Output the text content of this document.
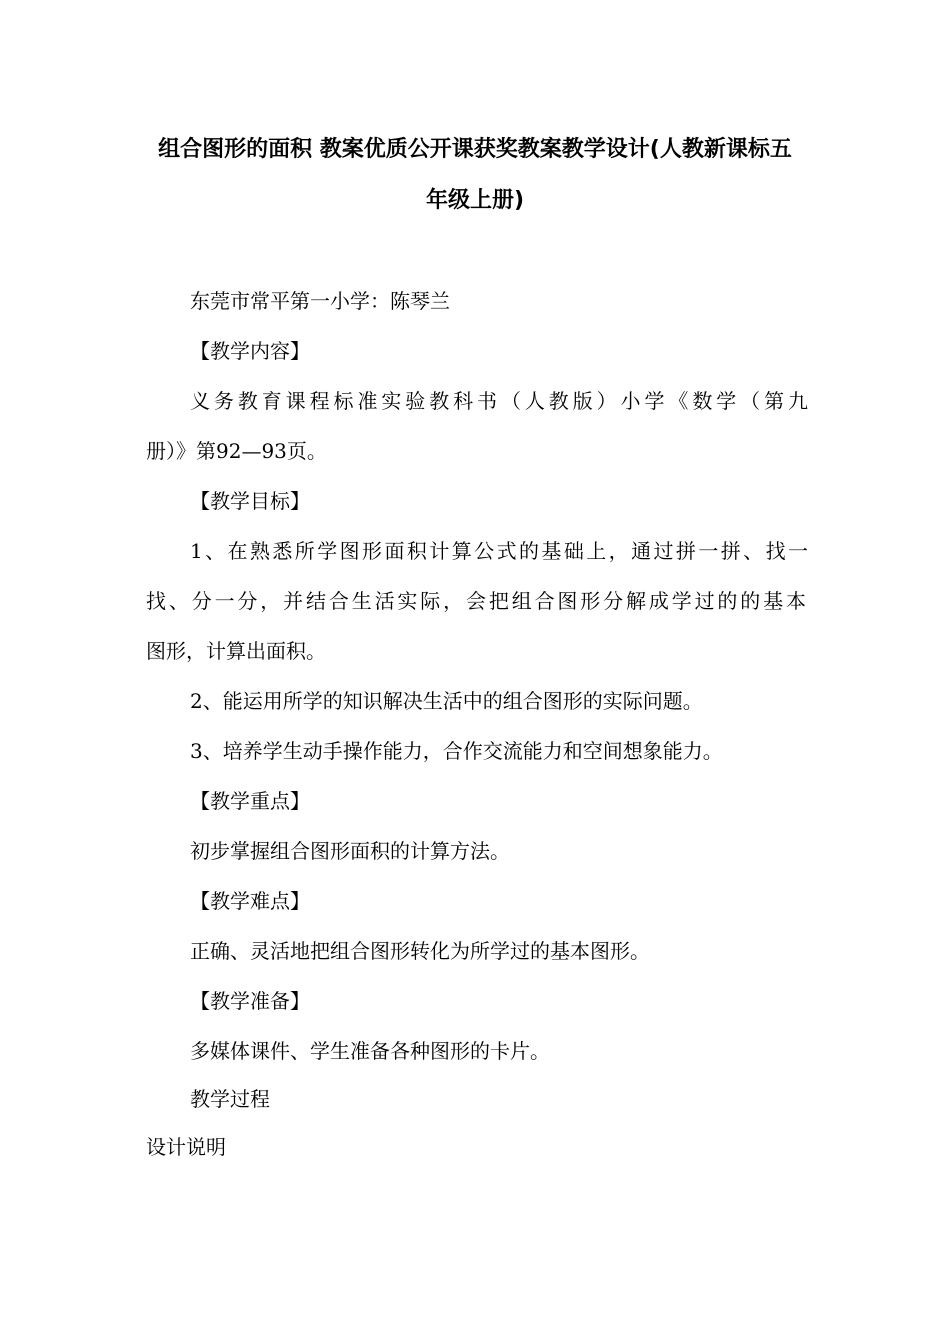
组合图形的面积 教案优质公开课获奖教案教学设计(人教新课标五
年级上册)
东莞市常平第一小学：陈琴兰
【教学内容】
义务教育课程标准实验教科书（人教版）小学《数学（第九
册）》第92—93页。
【教学目标】
1、在熟悉所学图形面积计算公式的基础上，通过拼一拼、找一
找、分一分，并结合生活实际，会把组合图形分解成学过的的基本
图形，计算出面积。
2、能运用所学的知识解决生活中的组合图形的实际问题。
3、培养学生动手操作能力，合作交流能力和空间想象能力。
【教学重点】
初步掌握组合图形面积的计算方法。
【教学难点】
正确、灵活地把组合图形转化为所学过的基本图形。
【教学准备】
多媒体课件、学生准备各种图形的卡片。
教学过程
设计说明
